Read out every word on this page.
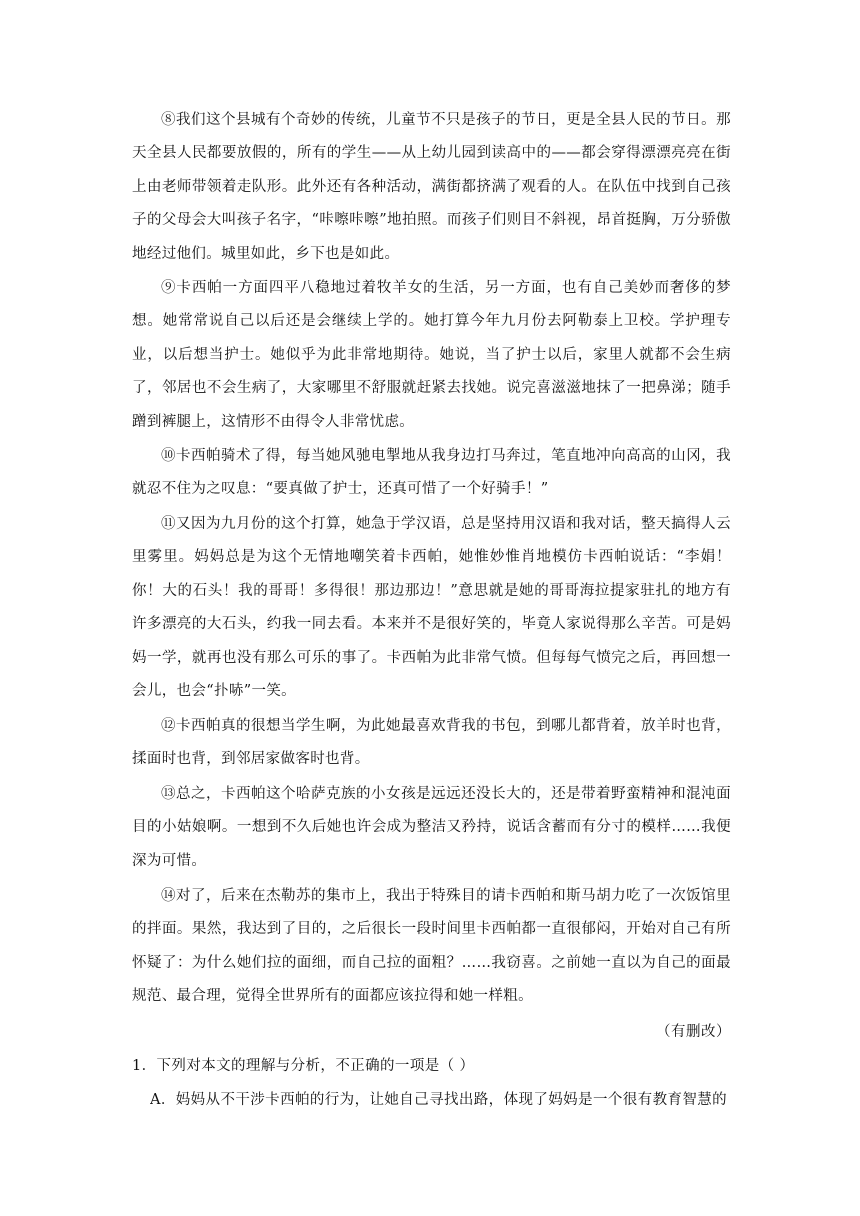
⑧我们这个县城有个奇妙的传统，儿童节不只是孩子的节日，更是全县人民的节日。那天全县人民都要放假的，所有的学生——从上幼儿园到读高中的——都会穿得漂漂亮亮在街上由老师带领着走队形。此外还有各种活动，满街都挤满了观看的人。在队伍中找到自己孩子的父母会大叫孩子名字，“咔嚓咔嚓”地拍照。而孩子们则目不斜视，昂首挺胸，万分骄傲地经过他们。城里如此，乡下也是如此。

⑨卡西帕一方面四平八稳地过着牧羊女的生活，另一方面，也有自己美妙而奢侈的梦想。她常常说自己以后还是会继续上学的。她打算今年九月份去阿勒泰上卫校。学护理专业，以后想当护士。她似乎为此非常地期待。她说，当了护士以后，家里人就都不会生病了，邻居也不会生病了，大家哪里不舒服就赶紧去找她。说完喜滋滋地抹了一把鼻涕；随手蹭到裤腿上，这情形不由得令人非常忧虑。

⑩卡西帕骑术了得，每当她风驰电掣地从我身边打马奔过，笔直地冲向高高的山冈，我就忍不住为之叹息：“要真做了护士，还真可惜了一个好骑手！”

⑪又因为九月份的这个打算，她急于学汉语，总是坚持用汉语和我对话，整天搞得人云里雾里。妈妈总是为这个无情地嘲笑着卡西帕，她惟妙惟肖地模仿卡西帕说话：“李娟！你！大的石头！我的哥哥！多得很！那边那边！”意思就是她的哥哥海拉提家驻扎的地方有许多漂亮的大石头，约我一同去看。本来并不是很好笑的，毕竟人家说得那么辛苦。可是妈妈一学，就再也没有那么可乐的事了。卡西帕为此非常气愤。但每每气愤完之后，再回想一会儿，也会“扑哧”一笑。

⑫卡西帕真的很想当学生啊，为此她最喜欢背我的书包，到哪儿都背着，放羊时也背，揉面时也背，到邻居家做客时也背。

⑬总之，卡西帕这个哈萨克族的小女孩是远远还没长大的，还是带着野蛮精神和混沌面目的小姑娘啊。一想到不久后她也许会成为整洁又矜持，说话含蓄而有分寸的模样……我便深为可惜。

⑭对了，后来在杰勒苏的集市上，我出于特殊目的请卡西帕和斯马胡力吃了一次饭馆里的拌面。果然，我达到了目的，之后很长一段时间里卡西帕都一直很郁闷，开始对自己有所怀疑了：为什么她们拉的面细，而自己拉的面粗？……我窃喜。之前她一直以为自己的面最规范、最合理，觉得全世界所有的面都应该拉得和她一样粗。

（有删改）
1．下列对本文的理解与分析，不正确的一项是（ ）
A．妈妈从不干涉卡西帕的行为，让她自己寻找出路，体现了妈妈是一个很有教育智慧的
